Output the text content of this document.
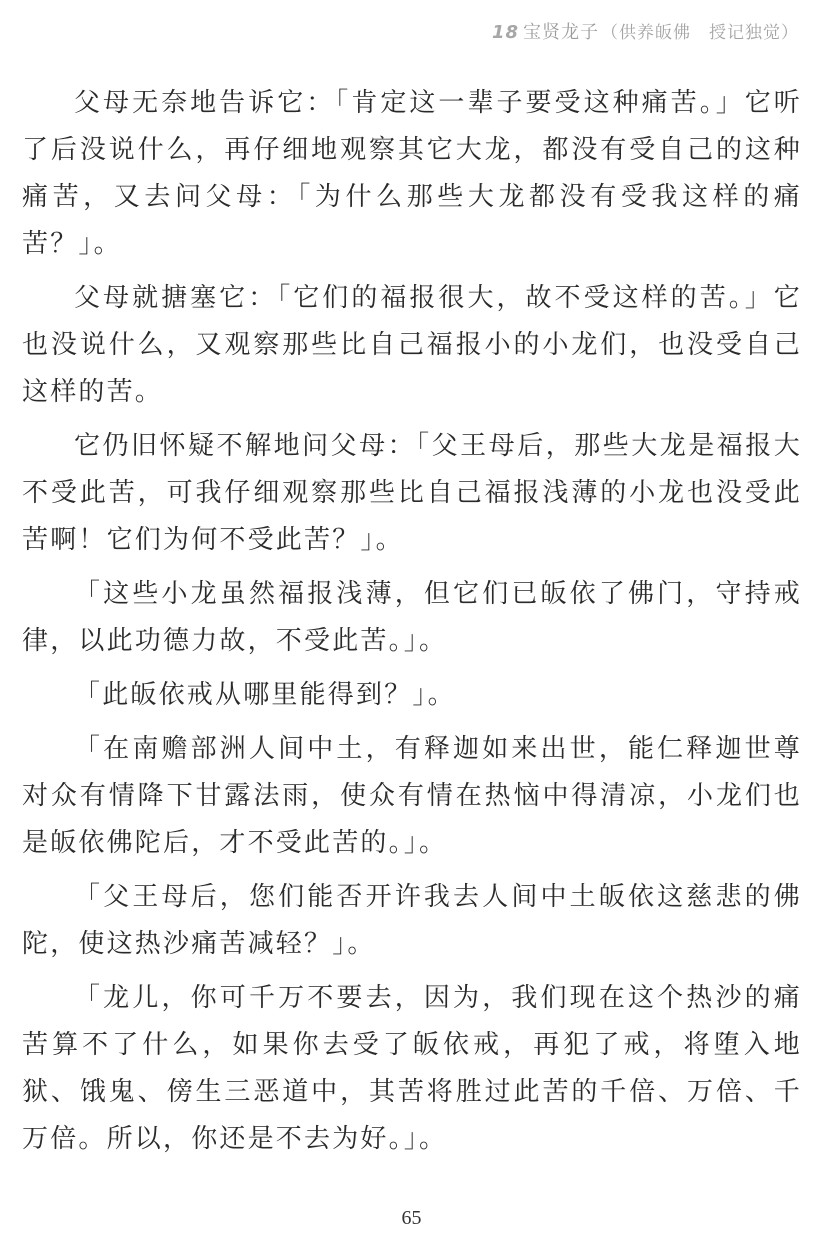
18 宝贤龙子 （供养皈佛　授记独觉）

父母无奈地告诉它：「肯定这一辈子要受这种痛苦。」它听了后没说什么，再仔细地观察其它大龙，都没有受自己的这种痛苦，又去问父母：「为什么那些大龙都没有受我这样的痛苦？」。

父母就搪塞它：「它们的福报很大，故不受这样的苦。」它也没说什么，又观察那些比自己福报小的小龙们，也没受自己这样的苦。

它仍旧怀疑不解地问父母：「父王母后，那些大龙是福报大不受此苦，可我仔细观察那些比自己福报浅薄的小龙也没受此苦啊！它们为何不受此苦？」。

「这些小龙虽然福报浅薄，但它们已皈依了佛门，守持戒律，以此功德力故，不受此苦。」。

「此皈依戒从哪里能得到？」。

「在南赡部洲人间中土，有释迦如来出世，能仁释迦世尊对众有情降下甘露法雨，使众有情在热恼中得清凉，小龙们也是皈依佛陀后，才不受此苦的。」。

「父王母后，您们能否开许我去人间中土皈依这慈悲的佛陀，使这热沙痛苦减轻？」。

「龙儿，你可千万不要去，因为，我们现在这个热沙的痛苦算不了什么，如果你去受了皈依戒，再犯了戒，将堕入地狱、饿鬼、傍生三恶道中，其苦将胜过此苦的千倍、万倍、千万倍。所以，你还是不去为好。」。

65
